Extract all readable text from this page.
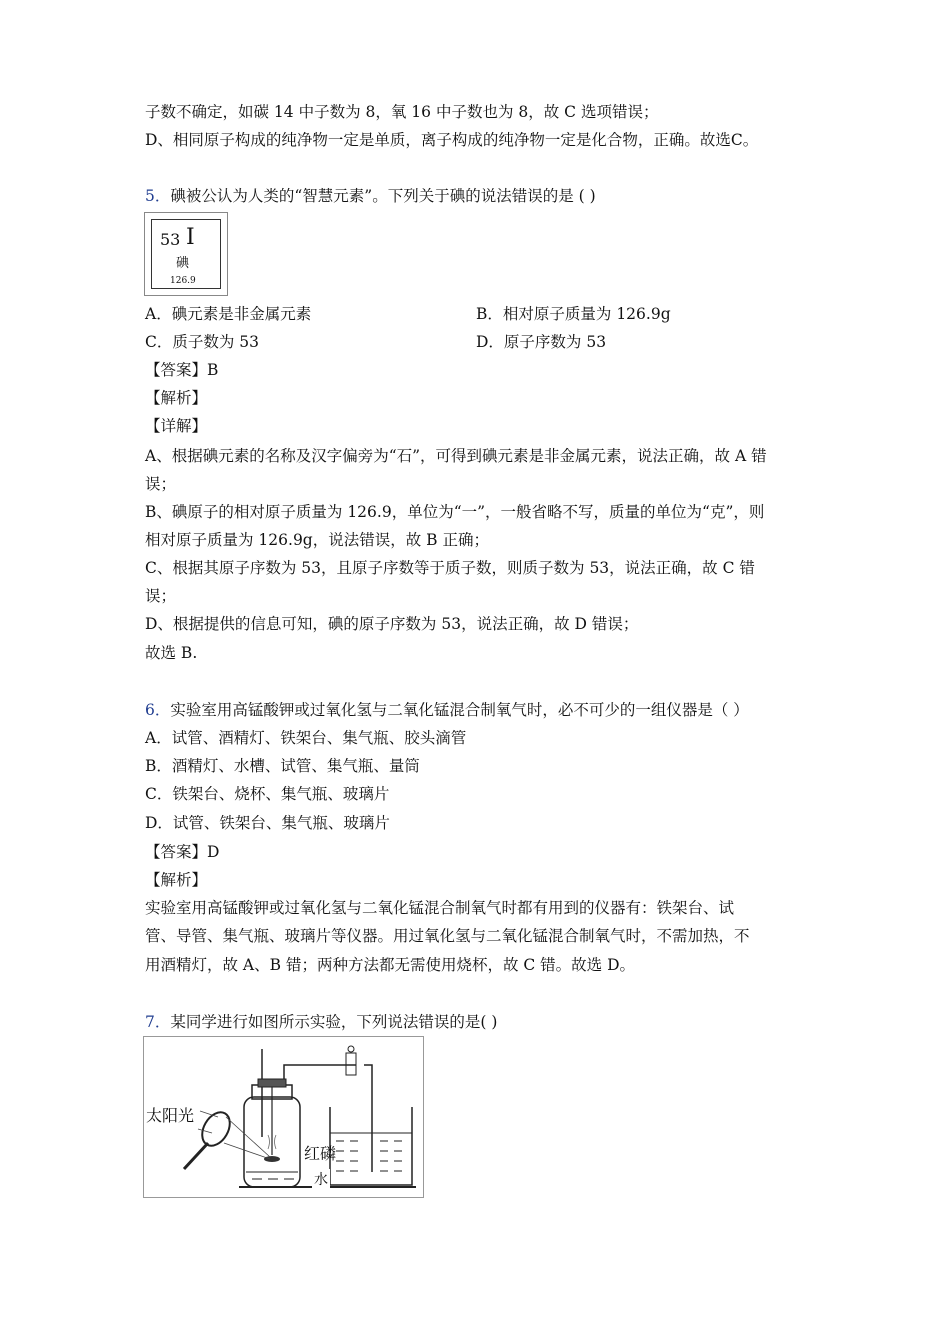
子数不确定，如碳 14 中子数为 8，氧 16 中子数也为 8，故 C 选项错误；
D、相同原子构成的纯净物一定是单质，离子构成的纯净物一定是化合物，正确。故选C。
5．碘被公认为人类的“智慧元素”。下列关于碘的说法错误的是 ( )
53 I
碘
126.9
A．碘元素是非金属元素	B．相对原子质量为 126.9g
C．质子数为 53	D．原子序数为 53
【答案】B
【解析】
【详解】
A、根据碘元素的名称及汉字偏旁为“石”，可得到碘元素是非金属元素，说法正确，故 A 错
误；
B、碘原子的相对原子质量为 126.9，单位为“一”，一般省略不写，质量的单位为“克”，则
相对原子质量为 126.9g，说法错误，故 B 正确；
C、根据其原子序数为 53，且原子序数等于质子数，则质子数为 53，说法正确，故 C 错
误；
D、根据提供的信息可知，碘的原子序数为 53，说法正确，故 D 错误；
故选 B.
6．实验室用高锰酸钾或过氧化氢与二氧化锰混合制氧气时，必不可少的一组仪器是（ ）
A．试管、酒精灯、铁架台、集气瓶、胶头滴管
B．酒精灯、水槽、试管、集气瓶、量筒
C．铁架台、烧杯、集气瓶、玻璃片
D．试管、铁架台、集气瓶、玻璃片
【答案】D
【解析】
实验室用高锰酸钾或过氧化氢与二氧化锰混合制氧气时都有用到的仪器有：铁架台、试
管、导管、集气瓶、玻璃片等仪器。用过氧化氢与二氧化锰混合制氧气时，不需加热，不
用酒精灯，故 A、B 错；两种方法都无需使用烧杯，故 C 错。故选 D。
7．某同学进行如图所示实验，下列说法错误的是( )
太阳光
红磷
水
